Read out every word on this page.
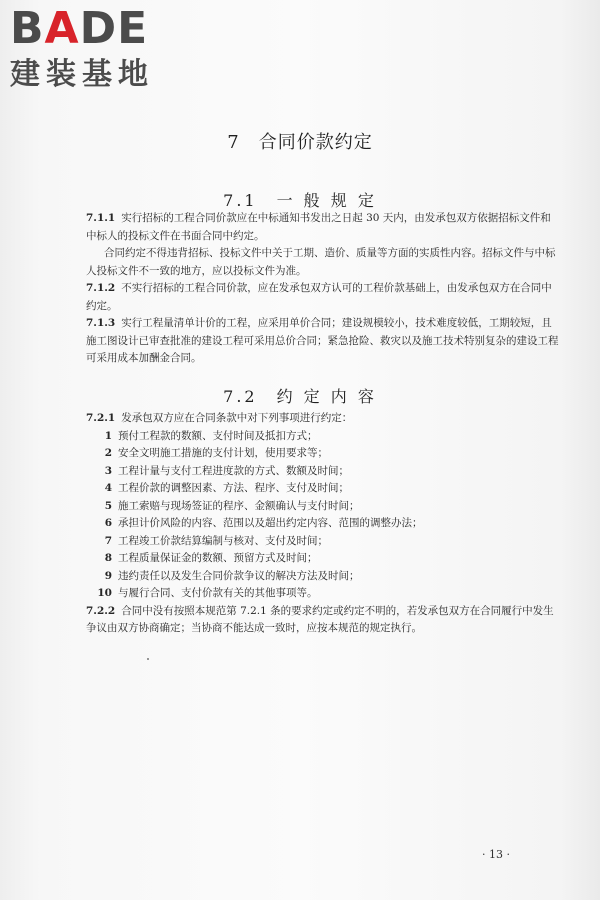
BADE
建装基地
7　合同价款约定
7.1　一 般 规 定

7.1.1 实行招标的工程合同价款应在中标通知书发出之日起 30 天内，由发承包双方依据招标文件和中标人的投标文件在书面合同中约定。

合同约定不得违背招标、投标文件中关于工期、造价、质量等方面的实质性内容。招标文件与中标人投标文件不一致的地方，应以投标文件为准。

7.1.2 不实行招标的工程合同价款，应在发承包双方认可的工程价款基础上，由发承包双方在合同中约定。

7.1.3 实行工程量清单计价的工程，应采用单价合同；建设规模较小，技术难度较低，工期较短，且施工图设计已审查批准的建设工程可采用总价合同；紧急抢险、救灾以及施工技术特别复杂的建设工程可采用成本加酬金合同。

7.2　约 定 内 容

7.2.1 发承包双方应在合同条款中对下列事项进行约定：

1 预付工程款的数额、支付时间及抵扣方式；
2 安全文明施工措施的支付计划，使用要求等；
3 工程计量与支付工程进度款的方式、数额及时间；
4 工程价款的调整因素、方法、程序、支付及时间；
5 施工索赔与现场签证的程序、金额确认与支付时间；
6 承担计价风险的内容、范围以及超出约定内容、范围的调整办法；
7 工程竣工价款结算编制与核对、支付及时间；
8 工程质量保证金的数额、预留方式及时间；
9 违约责任以及发生合同价款争议的解决方法及时间；
10 与履行合同、支付价款有关的其他事项等。

7.2.2 合同中没有按照本规范第 7.2.1 条的要求约定或约定不明的，若发承包双方在合同履行中发生争议由双方协商确定；当协商不能达成一致时，应按本规范的规定执行。

· 13 ·
